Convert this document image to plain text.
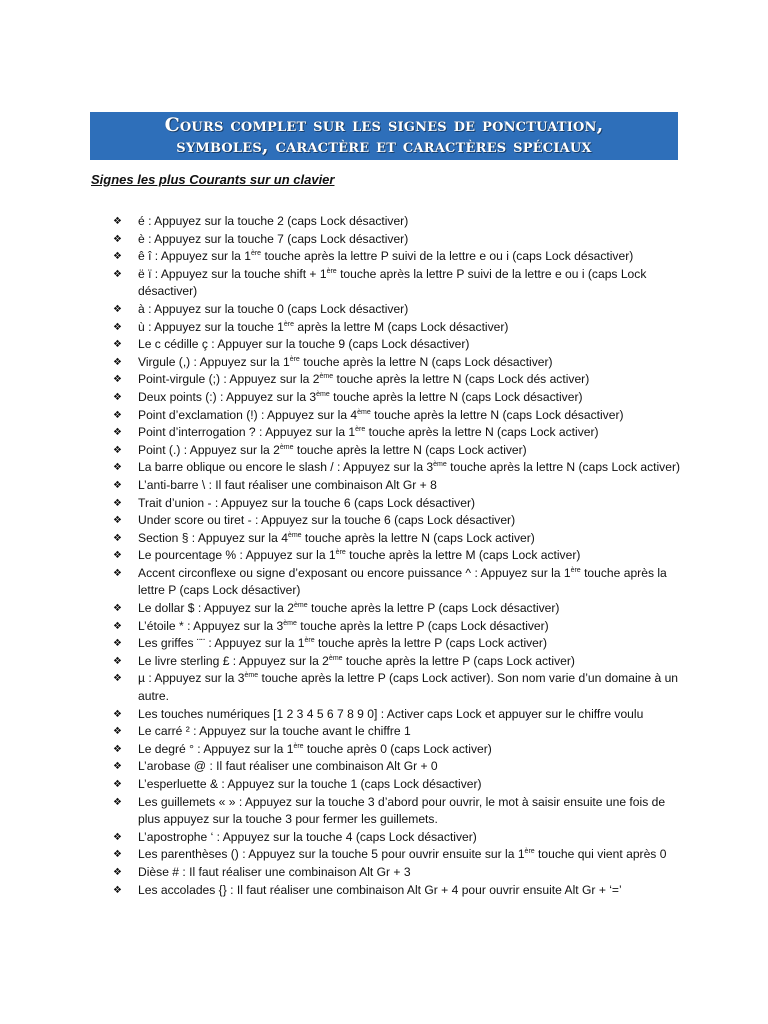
Cours complet sur les signes de ponctuation,
symboles, caractère et caractères spéciaux
Signes les plus Courants sur un clavier
❖ é : Appuyez sur la touche 2 (caps Lock désactiver)
❖ è : Appuyez sur la touche 7 (caps Lock désactiver)
❖ ê î : Appuyez sur la 1ère touche après la lettre P suivi de la lettre e ou i (caps Lock désactiver)
❖ ë ï : Appuyez sur la touche shift + 1ère touche après la lettre P suivi de la lettre e ou i (caps Lock désactiver)
❖ à : Appuyez sur la touche 0 (caps Lock désactiver)
❖ ù : Appuyez sur la touche 1ère après la lettre M (caps Lock désactiver)
❖ Le c cédille ç : Appuyer sur la touche 9 (caps Lock désactiver)
❖ Virgule (,) : Appuyez sur la 1ère touche après la lettre N (caps Lock désactiver)
❖ Point-virgule (;) : Appuyez sur la 2ème touche après la lettre N (caps Lock dés activer)
❖ Deux points (:) : Appuyez sur la 3ème touche après la lettre N (caps Lock désactiver)
❖ Point d’exclamation (!) : Appuyez sur la 4ème touche après la lettre N (caps Lock désactiver)
❖ Point d’interrogation ? : Appuyez sur la 1ère touche après la lettre N (caps Lock activer)
❖ Point (.) : Appuyez sur la 2ème touche après la lettre N (caps Lock activer)
❖ La barre oblique ou encore le slash / : Appuyez sur la 3ème touche après la lettre N (caps Lock activer)
❖ L’anti-barre \ : Il faut réaliser une combinaison Alt Gr + 8
❖ Trait d’union - : Appuyez sur la touche 6 (caps Lock désactiver)
❖ Under score ou tiret - : Appuyez sur la touche 6 (caps Lock désactiver)
❖ Section § : Appuyez sur la 4ème touche après la lettre N (caps Lock activer)
❖ Le pourcentage % : Appuyez sur la 1ère touche après la lettre M (caps Lock activer)
❖ Accent circonflexe ou signe d’exposant ou encore puissance ^ : Appuyez sur la 1ère touche après la lettre P (caps Lock désactiver)
❖ Le dollar $ : Appuyez sur la 2ème touche après la lettre P (caps Lock désactiver)
❖ L’étoile * : Appuyez sur la 3ème touche après la lettre P (caps Lock désactiver)
❖ Les griffes ¨¨ : Appuyez sur la 1ère touche après la lettre P (caps Lock activer)
❖ Le livre sterling £ : Appuyez sur la 2ème touche après la lettre P (caps Lock activer)
❖ µ : Appuyez sur la 3ème touche après la lettre P (caps Lock activer). Son nom varie d’un domaine à un autre.
❖ Les touches numériques [1 2 3 4 5 6 7 8 9 0] : Activer caps Lock et appuyer sur le chiffre voulu
❖ Le carré ² : Appuyez sur la touche avant le chiffre 1
❖ Le degré ° : Appuyez sur la 1ère touche après 0 (caps Lock activer)
❖ L’arobase @ : Il faut réaliser une combinaison Alt Gr + 0
❖ L’esperluette & : Appuyez sur la touche 1 (caps Lock désactiver)
❖ Les guillemets « » : Appuyez sur la touche 3 d’abord pour ouvrir, le mot à saisir ensuite une fois de plus appuyez sur la touche 3 pour fermer les guillemets.
❖ L’apostrophe ‘ : Appuyez sur la touche 4 (caps Lock désactiver)
❖ Les parenthèses () : Appuyez sur la touche 5 pour ouvrir ensuite sur la 1ère touche qui vient après 0
❖ Dièse # : Il faut réaliser une combinaison Alt Gr + 3
❖ Les accolades {} : Il faut réaliser une combinaison Alt Gr + 4 pour ouvrir ensuite Alt Gr + ‘=’
